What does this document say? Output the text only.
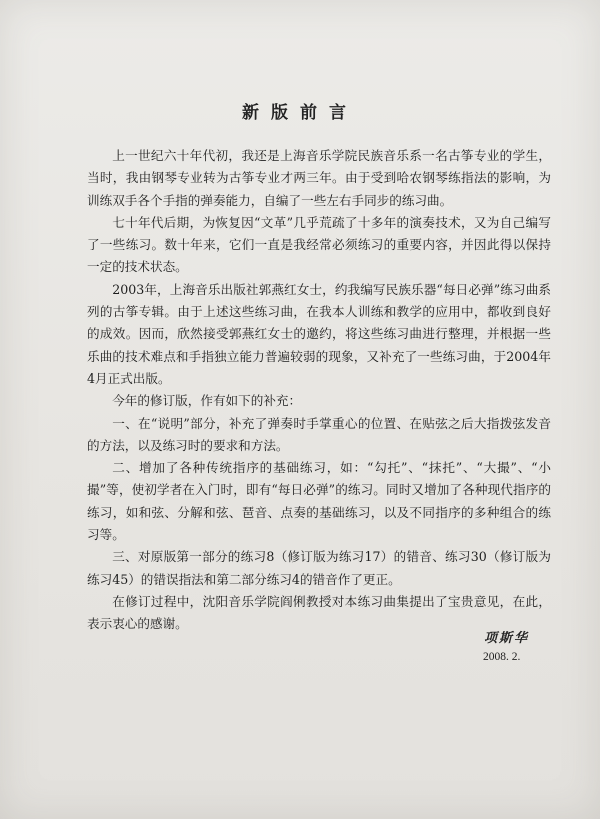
新版前言

上一世纪六十年代初，我还是上海音乐学院民族音乐系一名古筝专业的学生，当时，我由钢琴专业转为古筝专业才两三年。由于受到哈农钢琴练指法的影响，为训练双手各个手指的弹奏能力，自编了一些左右手同步的练习曲。

七十年代后期，为恢复因“文革”几乎荒疏了十多年的演奏技术，又为自己编写了一些练习。数十年来，它们一直是我经常必须练习的重要内容，并因此得以保持一定的技术状态。

2003年，上海音乐出版社郭燕红女士，约我编写民族乐器“每日必弹”练习曲系列的古筝专辑。由于上述这些练习曲，在我本人训练和教学的应用中，都收到良好的成效。因而，欣然接受郭燕红女士的邀约，将这些练习曲进行整理，并根据一些乐曲的技术难点和手指独立能力普遍较弱的现象，又补充了一些练习曲，于2004年4月正式出版。

今年的修订版，作有如下的补充：

一、在“说明”部分，补充了弹奏时手掌重心的位置、在贴弦之后大指拨弦发音的方法，以及练习时的要求和方法。

二、增加了各种传统指序的基础练习，如：“勾托”、“抹托”、“大撮”、“小撮”等，使初学者在入门时，即有“每日必弹”的练习。同时又增加了各种现代指序的练习，如和弦、分解和弦、琶音、点奏的基础练习，以及不同指序的多种组合的练习等。

三、对原版第一部分的练习8（修订版为练习17）的错音、练习30（修订版为练习45）的错误指法和第二部分练习4的错音作了更正。

在修订过程中，沈阳音乐学院阎俐教授对本练习曲集提出了宝贵意见，在此，表示衷心的感谢。

项斯华
2008. 2.
